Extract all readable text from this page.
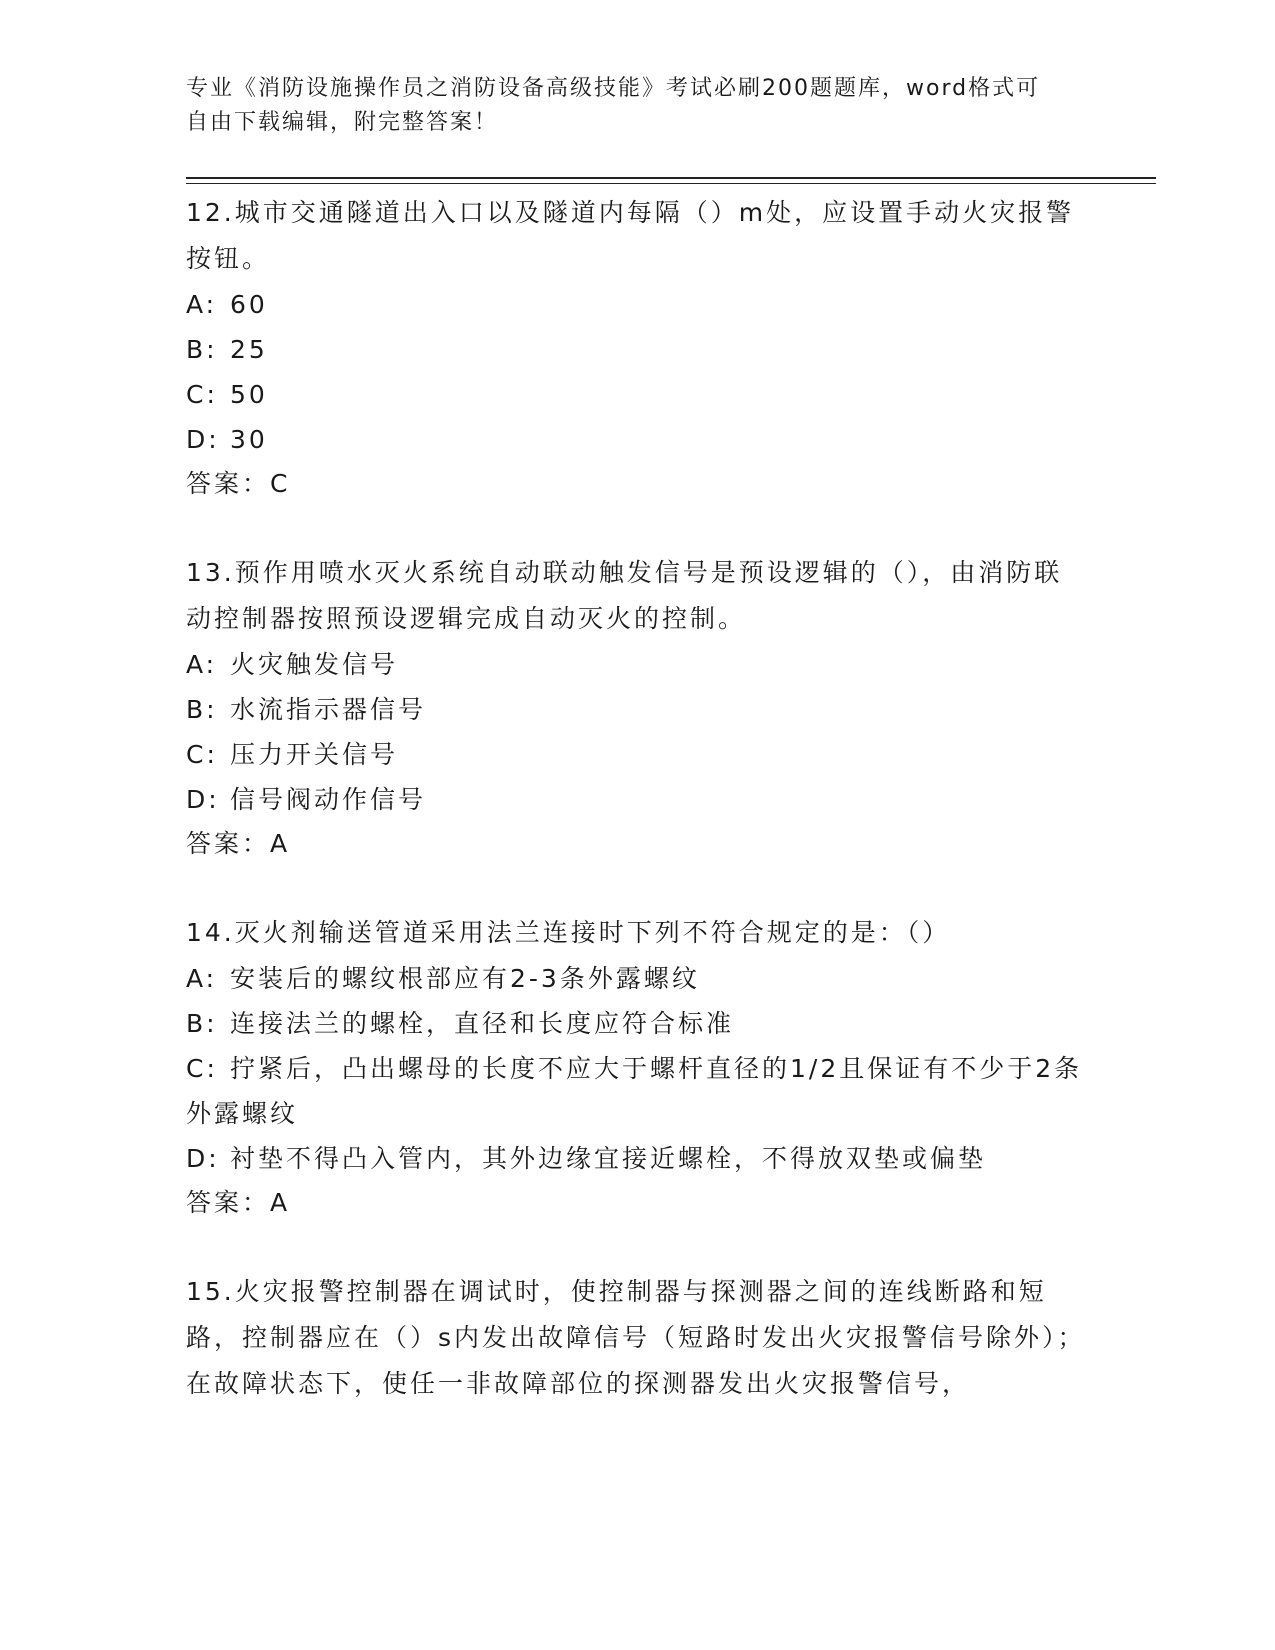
专业《消防设施操作员之消防设备高级技能》考试必刷200题题库，word格式可
自由下载编辑，附完整答案！

12.城市交通隧道出入口以及隧道内每隔（）m处，应设置手动火灾报警按钮。

A: 60

B: 25

C: 50

D: 30

答案：C

13.预作用喷水灭火系统自动联动触发信号是预设逻辑的（），由消防联动控制器按照预设逻辑完成自动灭火的控制。

A: 火灾触发信号

B: 水流指示器信号

C: 压力开关信号

D: 信号阀动作信号

答案：A

14.灭火剂输送管道采用法兰连接时下列不符合规定的是：（）

A: 安装后的螺纹根部应有2-3条外露螺纹

B: 连接法兰的螺栓，直径和长度应符合标准

C: 拧紧后，凸出螺母的长度不应大于螺杆直径的1/2且保证有不少于2条外露螺纹

D: 衬垫不得凸入管内，其外边缘宜接近螺栓，不得放双垫或偏垫

答案：A

15.火灾报警控制器在调试时，使控制器与探测器之间的连线断路和短路，控制器应在（）s内发出故障信号（短路时发出火灾报警信号除外）；在故障状态下，使任一非故障部位的探测器发出火灾报警信号，
